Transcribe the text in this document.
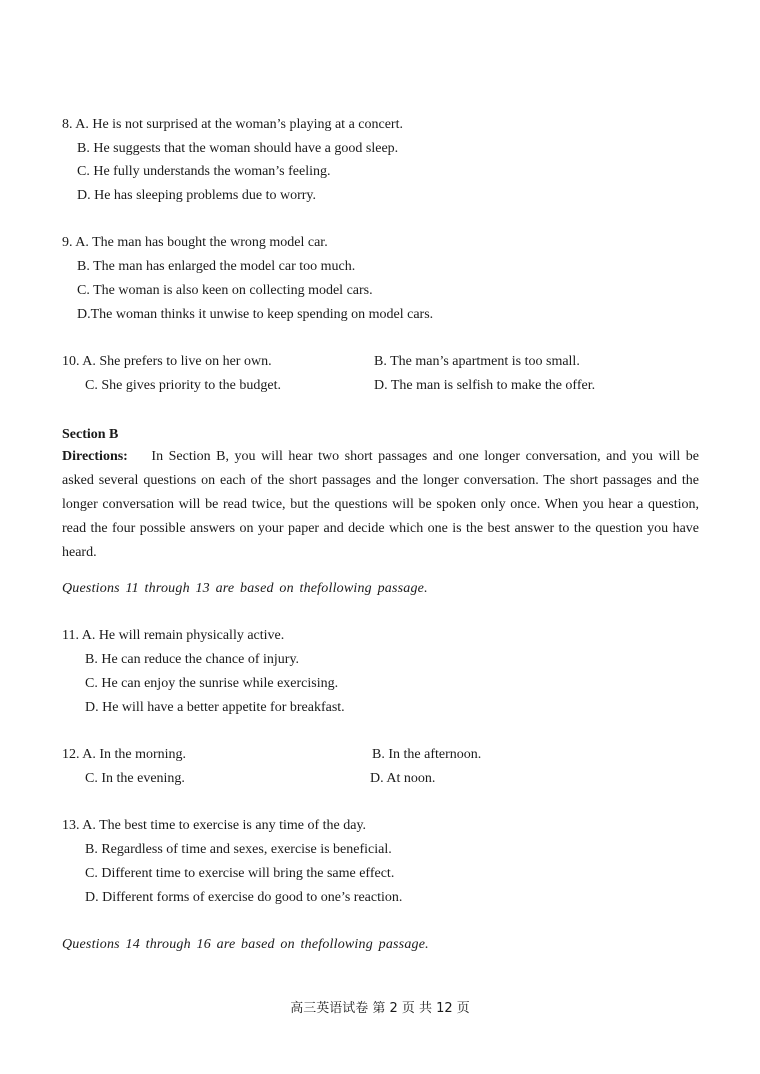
8. A. He is not surprised at the woman’s playing at a concert.
B. He suggests that the woman should have a good sleep.
C. He fully understands the woman’s feeling.
D. He has sleeping problems due to worry.
9. A. The man has bought the wrong model car.
B. The man has enlarged the model car too much.
C. The woman is also keen on collecting model cars.
D.The woman thinks it unwise to keep spending on model cars.
10. A. She prefers to live on her own.	B. The man’s apartment is too small.
C. She gives priority to the budget.	D. The man is selfish to make the offer.
Section B
Directions: In Section B, you will hear two short passages and one longer conversation, and you will be asked several questions on each of the short passages and the longer conversation. The short passages and the longer conversation will be read twice, but the questions will be spoken only once. When you hear a question, read the four possible answers on your paper and decide which one is the best answer to the question you have heard.
Questions 11 through 13 are based on thefollowing passage.
11. A. He will remain physically active.
B. He can reduce the chance of injury.
C. He can enjoy the sunrise while exercising.
D. He will have a better appetite for breakfast.
12. A. In the morning.	B. In the afternoon.
C. In the evening.	D. At noon.
13. A. The best time to exercise is any time of the day.
B. Regardless of time and sexes, exercise is beneficial.
C. Different time to exercise will bring the same effect.
D. Different forms of exercise do good to one’s reaction.
Questions 14 through 16 are based on thefollowing passage.
高三英语试卷 第 2 页 共 12 页
